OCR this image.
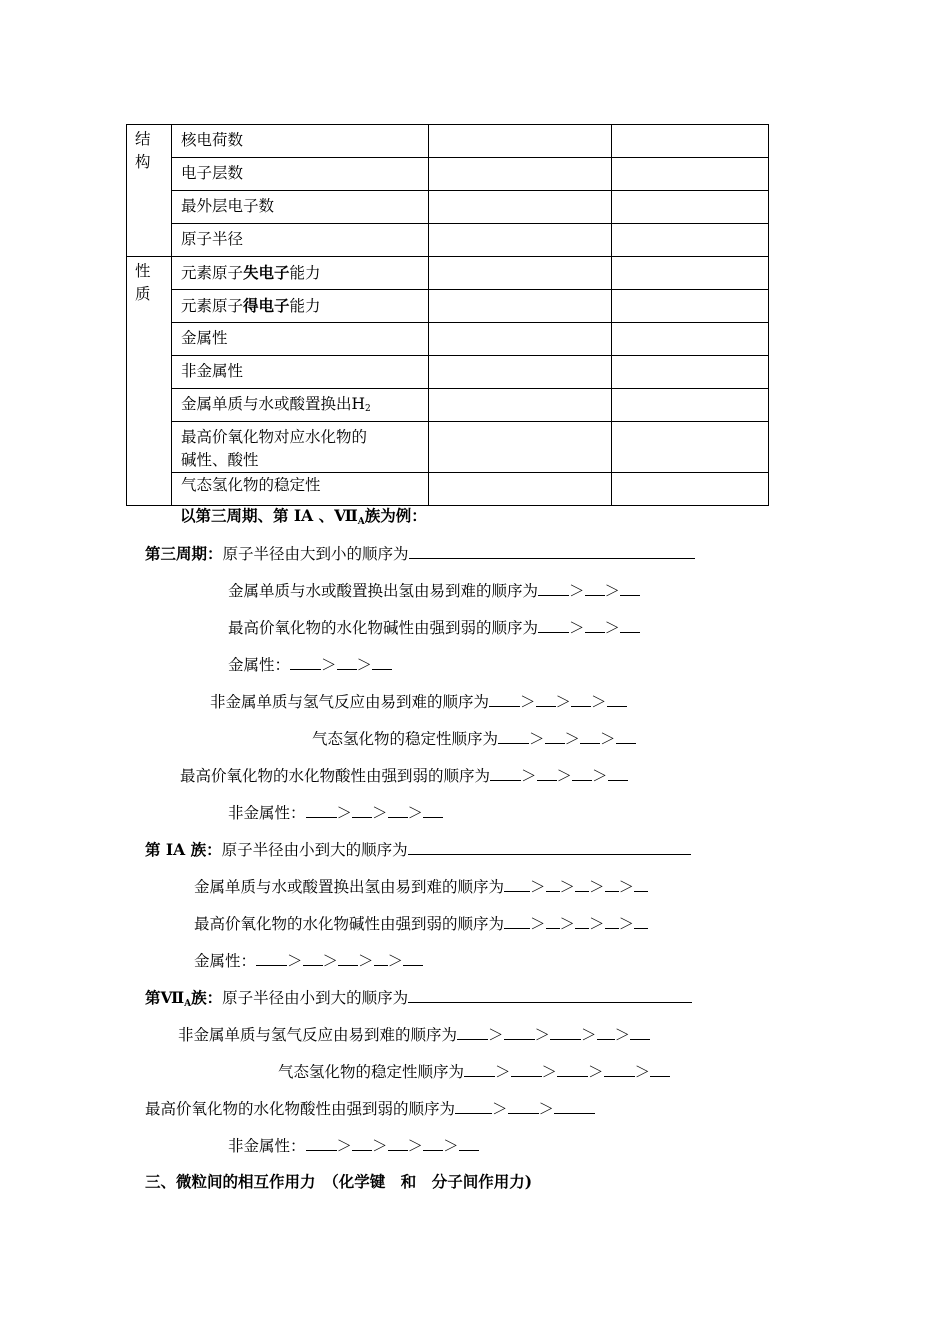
结构	核电荷数		
	电子层数		
	最外层电子数		
	原子半径		

性质	元素原子失电子能力		
	元素原子得电子能力		
	金属性		
	非金属性		
	金属单质与水或酸置换出$H_2$		
	最高价氧化物对应水化物的
碱性、酸性		
	气态氢化物的稳定性		
以第三周期、第 IA 、ⅦA族为例：
第三周期：原子半径由大到小的顺序为
金属单质与水或酸置换出氢由易到难的顺序为 ＞ ＞
最高价氧化物的水化物碱性由强到弱的顺序为 ＞ ＞
金属性： ＞ ＞
非金属单质与氢气反应由易到难的顺序为 ＞ ＞ ＞
气态氢化物的稳定性顺序为 ＞ ＞ ＞
最高价氧化物的水化物酸性由强到弱的顺序为 ＞ ＞ ＞
非金属性： ＞ ＞ ＞
第 IA 族：原子半径由小到大的顺序为
金属单质与水或酸置换出氢由易到难的顺序为 ＞ ＞ ＞ ＞
最高价氧化物的水化物碱性由强到弱的顺序为 ＞ ＞ ＞ ＞
金属性： ＞ ＞ ＞ ＞
第ⅦA族：原子半径由小到大的顺序为
非金属单质与氢气反应由易到难的顺序为 ＞ ＞ ＞ ＞
气态氢化物的稳定性顺序为 ＞ ＞ ＞ ＞
最高价氧化物的水化物酸性由强到弱的顺序为 ＞ ＞
非金属性： ＞ ＞ ＞ ＞
三、微粒间的相互作用力　（化学键　和　分子间作用力)
